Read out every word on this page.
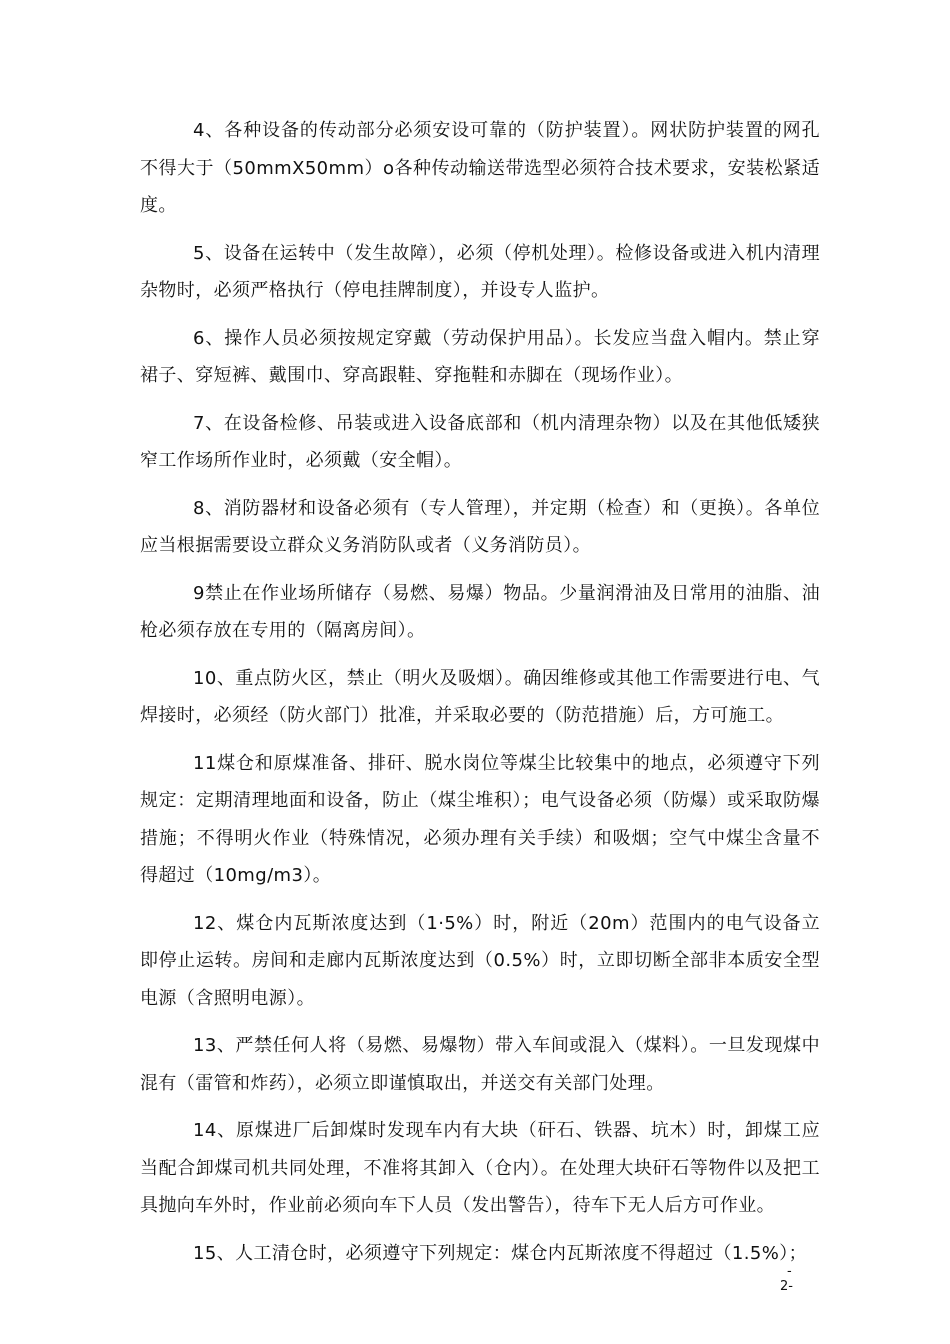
4、各种设备的传动部分必须安设可靠的（防护装置）。网状防护装置的网孔不得大于（50mmX50mm）o各种传动输送带选型必须符合技术要求，安装松紧适度。

5、设备在运转中（发生故障），必须（停机处理）。检修设备或进入机内清理杂物时，必须严格执行（停电挂牌制度），并设专人监护。

6、操作人员必须按规定穿戴（劳动保护用品）。长发应当盘入帽内。禁止穿裙子、穿短裤、戴围巾、穿高跟鞋、穿拖鞋和赤脚在（现场作业）。

7、在设备检修、吊装或进入设备底部和（机内清理杂物）以及在其他低矮狭窄工作场所作业时，必须戴（安全帽）。

8、消防器材和设备必须有（专人管理），并定期（检查）和（更换）。各单位应当根据需要设立群众义务消防队或者（义务消防员）。

9禁止在作业场所储存（易燃、易爆）物品。少量润滑油及日常用的油脂、油枪必须存放在专用的（隔离房间）。

10、重点防火区，禁止（明火及吸烟）。确因维修或其他工作需要进行电、气焊接时，必须经（防火部门）批准，并采取必要的（防范措施）后，方可施工。

11煤仓和原煤准备、排矸、脱水岗位等煤尘比较集中的地点，必须遵守下列规定：定期清理地面和设备，防止（煤尘堆积）；电气设备必须（防爆）或采取防爆措施；不得明火作业（特殊情况，必须办理有关手续）和吸烟；空气中煤尘含量不得超过（10mg/m3）。

12、煤仓内瓦斯浓度达到（1·5%）时，附近（20m）范围内的电气设备立即停止运转。房间和走廊内瓦斯浓度达到（0.5%）时，立即切断全部非本质安全型电源（含照明电源）。

13、严禁任何人将（易燃、易爆物）带入车间或混入（煤料）。一旦发现煤中混有（雷管和炸药），必须立即谨慎取出，并送交有关部门处理。

14、原煤进厂后卸煤时发现车内有大块（矸石、铁器、坑木）时，卸煤工应当配合卸煤司机共同处理，不准将其卸入（仓内）。在处理大块矸石等物件以及把工具抛向车外时，作业前必须向车下人员（发出警告），待车下无人后方可作业。

15、人工清仓时，必须遵守下列规定：煤仓内瓦斯浓度不得超过（1.5%）；

-
2-
